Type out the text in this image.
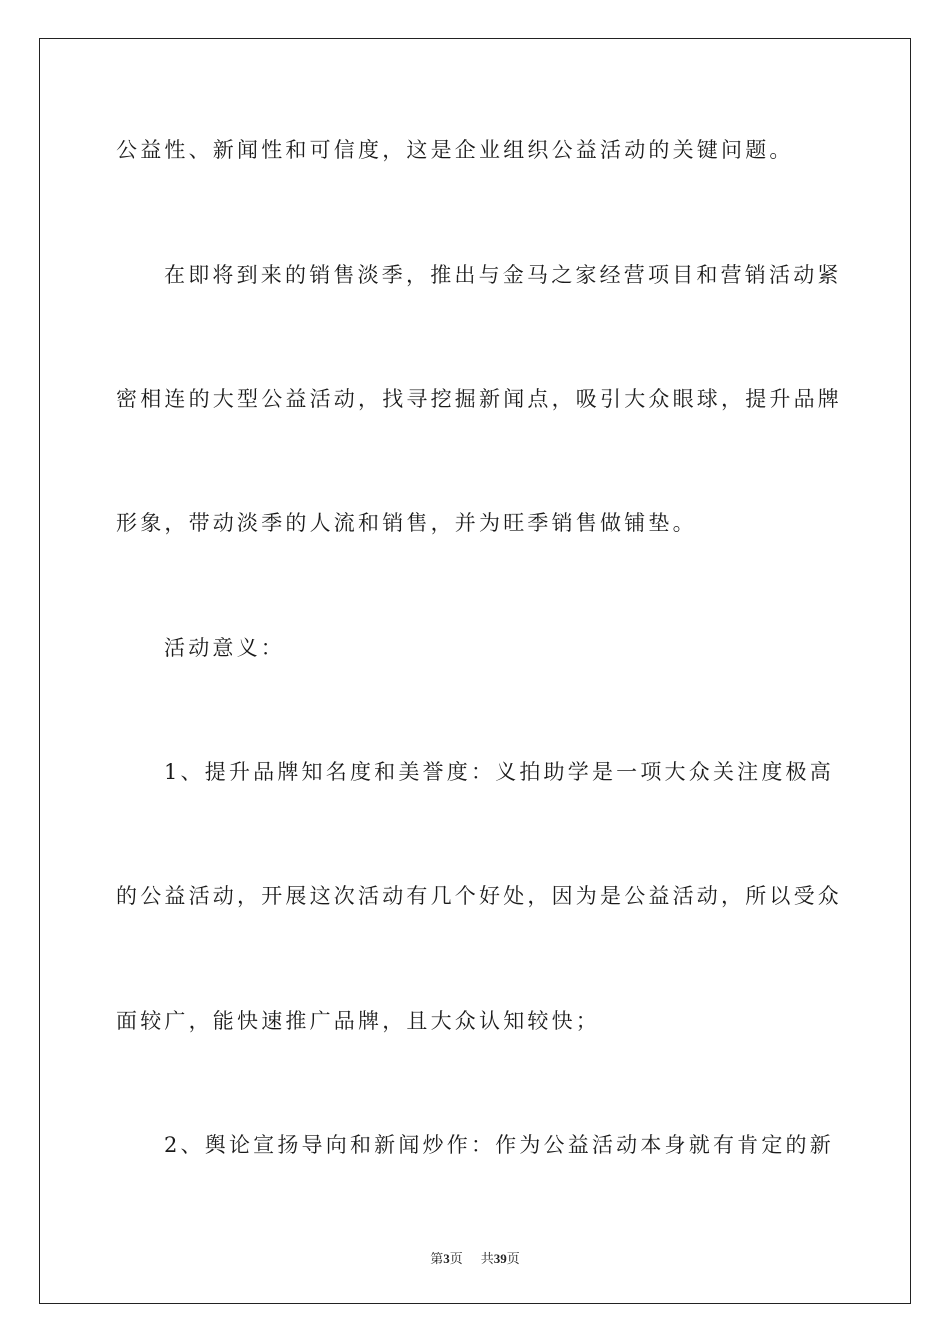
公益性、新闻性和可信度，这是企业组织公益活动的关键问题。
在即将到来的销售淡季，推出与金马之家经营项目和营销活动紧
密相连的大型公益活动，找寻挖掘新闻点，吸引大众眼球，提升品牌
形象，带动淡季的人流和销售，并为旺季销售做铺垫。
活动意义：
1、提升品牌知名度和美誉度：义拍助学是一项大众关注度极高
的公益活动，开展这次活动有几个好处，因为是公益活动，所以受众
面较广，能快速推广品牌，且大众认知较快；
2、舆论宣扬导向和新闻炒作：作为公益活动本身就有肯定的新
第3页 共39页
